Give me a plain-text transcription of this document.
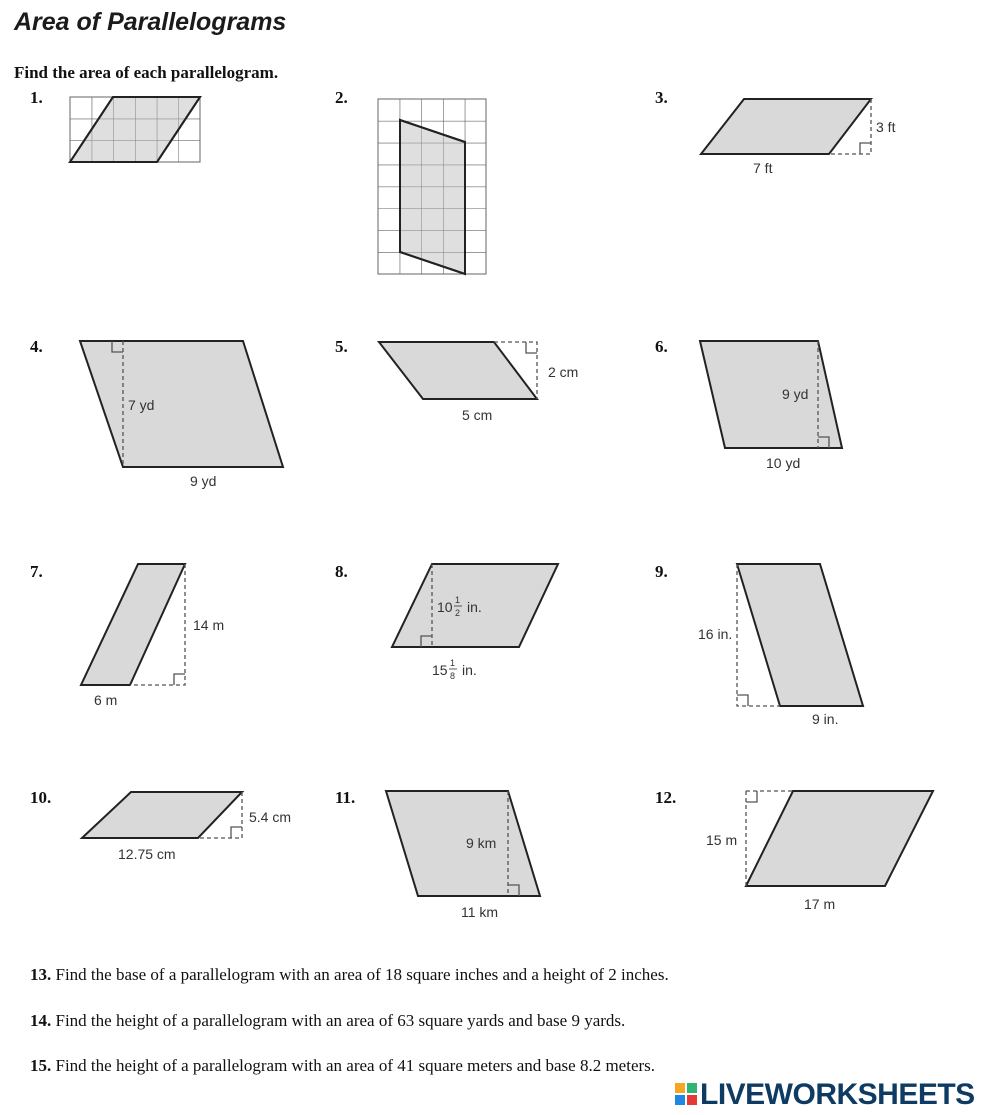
Area of Parallelograms
Find the area of each parallelogram.
1.	2.	3.
4.	5.	6.
7.	8.	9.
10.	11.	12.
3 ft
7 ft
7 yd
9 yd
2 cm
5 cm
9 yd
10 yd
14 m
6 m
10 1
2 in.
15 1
8 in.
16 in.
9 in.
5.4 cm
12.75 cm
9 km
11 km
15 m
17 m
13. Find the base of a parallelogram with an area of 18 square inches and a height of 2 inches.
14. Find the height of a parallelogram with an area of 63 square yards and base 9 yards.
15. Find the height of a parallelogram with an area of 41 square meters and base 8.2 meters.
LIVEWORKSHEETS
